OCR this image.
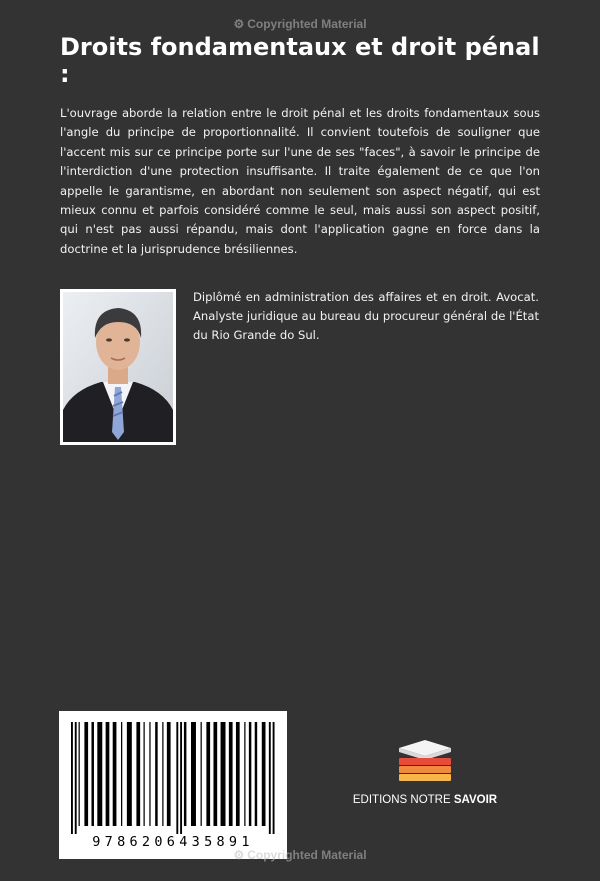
⚙ Copyrighted Material
Droits fondamentaux et droit pénal :

L'ouvrage aborde la relation entre le droit pénal et les droits fondamentaux sous l'angle du principe de proportionnalité. Il convient toutefois de souligner que l'accent mis sur ce principe porte sur l'une de ses "faces", à savoir le principe de l'interdiction d'une protection insuffisante. Il traite également de ce que l'on appelle le garantisme, en abordant non seulement son aspect négatif, qui est mieux connu et parfois considéré comme le seul, mais aussi son aspect positif, qui n'est pas aussi répandu, mais dont l'application gagne en force dans la doctrine et la jurisprudence brésiliennes.

Diplômé en administration des affaires et en droit. Avocat. Analyste juridique au bureau du procureur général de l'État du Rio Grande do Sul.

9786206435891
EDITIONS NOTRE SAVOIR
⚙ Copyrighted Material
